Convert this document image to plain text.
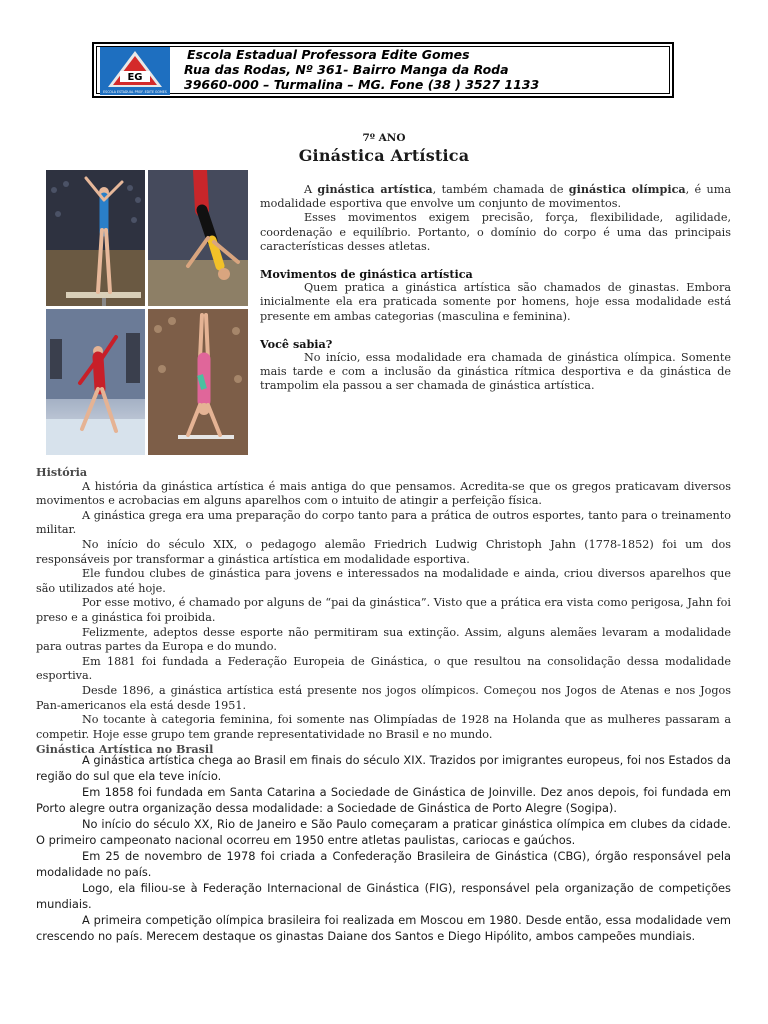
EG
ESCOLA ESTADUAL PROF. EDITE GOMES
Escola Estadual Professora Edite Gomes
Rua das Rodas, Nº 361- Bairro Manga da Roda
39660-000 – Turmalina – MG. Fone (38 ) 3527 1133
7º ANO
Ginástica Artística

A ginástica artística, também chamada de ginástica olímpica, é uma modalidade esportiva que envolve um conjunto de movimentos.

Esses movimentos exigem precisão, força, flexibilidade, agilidade, coordenação e equilíbrio. Portanto, o domínio do corpo é uma das principais características desses atletas.

Movimentos de ginástica artística

Quem pratica a ginástica artística são chamados de ginastas. Embora inicialmente ela era praticada somente por homens, hoje essa modalidade está presente em ambas categorias (masculina e feminina).

Você sabia?

No início, essa modalidade era chamada de ginástica olímpica. Somente mais tarde e com a inclusão da ginástica rítmica desportiva e da ginástica de trampolim ela passou a ser chamada de ginástica artística.

História

A história da ginástica artística é mais antiga do que pensamos. Acredita-se que os gregos praticavam diversos movimentos e acrobacias em alguns aparelhos com o intuito de atingir a perfeição física.

A ginástica grega era uma preparação do corpo tanto para a prática de outros esportes, tanto para o treinamento militar.

No início do século XIX, o pedagogo alemão Friedrich Ludwig Christoph Jahn (1778-1852) foi um dos responsáveis por transformar a ginástica artística em modalidade esportiva.

Ele fundou clubes de ginástica para jovens e interessados na modalidade e ainda, criou diversos aparelhos que são utilizados até hoje.

Por esse motivo, é chamado por alguns de “pai da ginástica”. Visto que a prática era vista como perigosa, Jahn foi preso e a ginástica foi proibida.

Felizmente, adeptos desse esporte não permitiram sua extinção. Assim, alguns alemães levaram a modalidade para outras partes da Europa e do mundo.

Em 1881 foi fundada a Federação Europeia de Ginástica, o que resultou na consolidação dessa modalidade esportiva.

Desde 1896, a ginástica artística está presente nos jogos olímpicos. Começou nos Jogos de Atenas e nos Jogos Pan-americanos ela está desde 1951.

No tocante à categoria feminina, foi somente nas Olimpíadas de 1928 na Holanda que as mulheres passaram a competir. Hoje esse grupo tem grande representatividade no Brasil e no mundo.

Ginástica Artística no Brasil

A ginástica artística chega ao Brasil em finais do século XIX. Trazidos por imigrantes europeus, foi nos Estados da região do sul que ela teve início.

Em 1858 foi fundada em Santa Catarina a Sociedade de Ginástica de Joinville. Dez anos depois, foi fundada em Porto alegre outra organização dessa modalidade: a Sociedade de Ginástica de Porto Alegre (Sogipa).

No início do século XX, Rio de Janeiro e São Paulo começaram a praticar ginástica olímpica em clubes da cidade. O primeiro campeonato nacional ocorreu em 1950 entre atletas paulistas, cariocas e gaúchos.

Em 25 de novembro de 1978 foi criada a Confederação Brasileira de Ginástica (CBG), órgão responsável pela modalidade no país.

Logo, ela filiou-se à Federação Internacional de Ginástica (FIG), responsável pela organização de competições mundiais.

A primeira competição olímpica brasileira foi realizada em Moscou em 1980. Desde então, essa modalidade vem crescendo no país. Merecem destaque os ginastas Daiane dos Santos e Diego Hipólito, ambos campeões mundiais.
